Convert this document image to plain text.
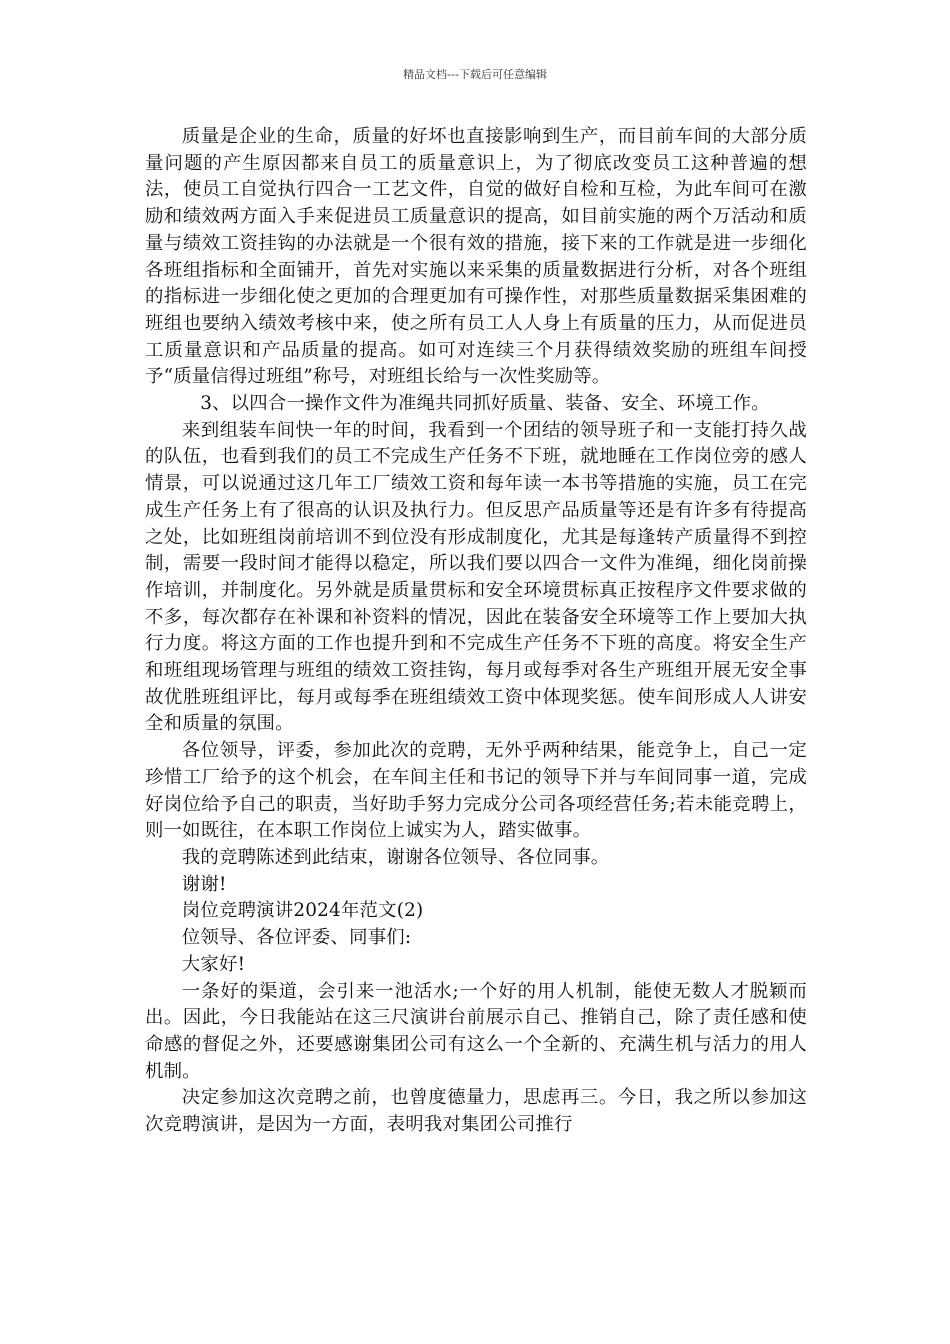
精品文档---下载后可任意编辑

质量是企业的生命，质量的好坏也直接影响到生产，而目前车间的大部分质量问题的产生原因都来自员工的质量意识上，为了彻底改变员工这种普遍的想法，使员工自觉执行四合一工艺文件，自觉的做好自检和互检，为此车间可在激励和绩效两方面入手来促进员工质量意识的提高，如目前实施的两个万活动和质量与绩效工资挂钩的办法就是一个很有效的措施，接下来的工作就是进一步细化各班组指标和全面铺开，首先对实施以来采集的质量数据进行分析，对各个班组的指标进一步细化使之更加的合理更加有可操作性，对那些质量数据采集困难的班组也要纳入绩效考核中来，使之所有员工人人身上有质量的压力，从而促进员工质量意识和产品质量的提高。如可对连续三个月获得绩效奖励的班组车间授予“质量信得过班组”称号，对班组长给与一次性奖励等。

3、以四合一操作文件为准绳共同抓好质量、装备、安全、环境工作。

来到组装车间快一年的时间，我看到一个团结的领导班子和一支能打持久战的队伍，也看到我们的员工不完成生产任务不下班，就地睡在工作岗位旁的感人情景，可以说通过这几年工厂绩效工资和每年读一本书等措施的实施，员工在完成生产任务上有了很高的认识及执行力。但反思产品质量等还是有许多有待提高之处，比如班组岗前培训不到位没有形成制度化，尤其是每逢转产质量得不到控制，需要一段时间才能得以稳定，所以我们要以四合一文件为准绳，细化岗前操作培训，并制度化。另外就是质量贯标和安全环境贯标真正按程序文件要求做的不多，每次都存在补课和补资料的情况，因此在装备安全环境等工作上要加大执行力度。将这方面的工作也提升到和不完成生产任务不下班的高度。将安全生产和班组现场管理与班组的绩效工资挂钩，每月或每季对各生产班组开展无安全事故优胜班组评比，每月或每季在班组绩效工资中体现奖惩。使车间形成人人讲安全和质量的氛围。

各位领导，评委，参加此次的竞聘，无外乎两种结果，能竞争上，自己一定珍惜工厂给予的这个机会，在车间主任和书记的领导下并与车间同事一道，完成好岗位给予自己的职责，当好助手努力完成分公司各项经营任务;若未能竞聘上，则一如既往，在本职工作岗位上诚实为人，踏实做事。

我的竞聘陈述到此结束，谢谢各位领导、各位同事。

谢谢!

岗位竞聘演讲2024年范文(2)

位领导、各位评委、同事们:

大家好!

一条好的渠道，会引来一池活水;一个好的用人机制，能使无数人才脱颖而出。因此，今日我能站在这三尺演讲台前展示自己、推销自己，除了责任感和使命感的督促之外，还要感谢集团公司有这么一个全新的、充满生机与活力的用人机制。

决定参加这次竞聘之前，也曾度德量力，思虑再三。今日，我之所以参加这次竞聘演讲，是因为一方面，表明我对集团公司推行
